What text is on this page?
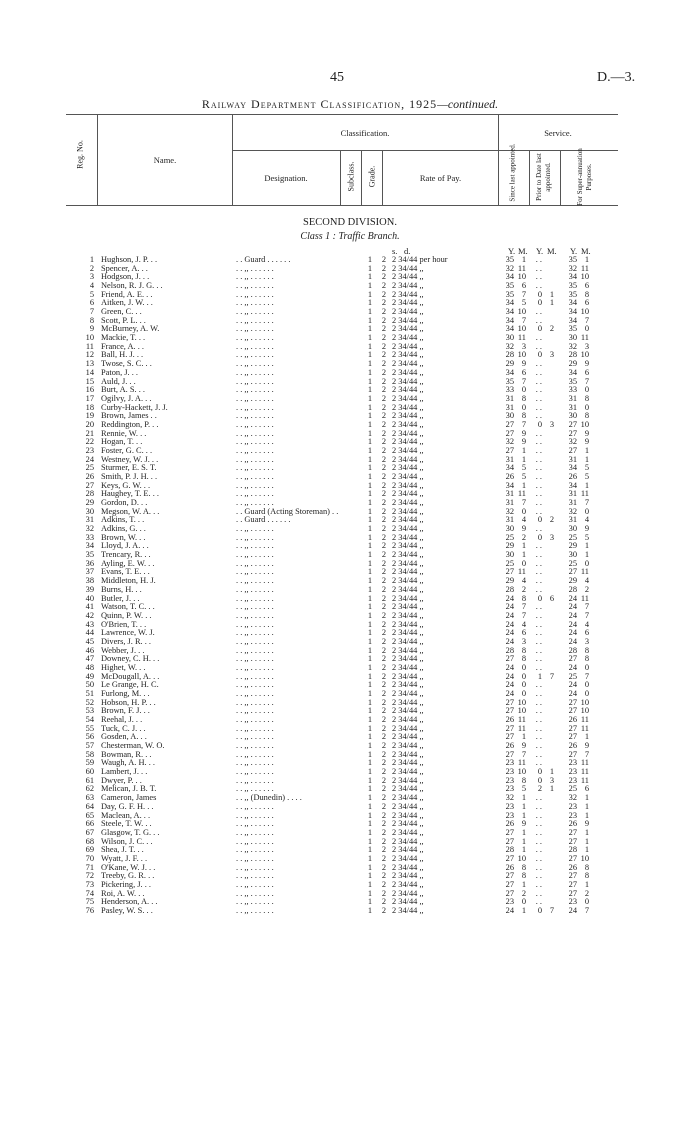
45	D.—3.
Railway Department Classification, 1925—continued.
Reg. No.	Name.
Classification.	Service.
Designation.	Subclass. Grade.	Rate of Pay.	Since last appointed.	Prior to Date last appointed.	For Super-annuation Purposes.
SECOND DIVISION.
Class 1 : Traffic Branch.
s. d.	Y. M. Y. M. Y. M.
1 Hughson, J. P. . .	. . Guard . . . . . .	1	2 2 34/44 per hour	35 1	. .	35 1
2 Spencer, A. . .	. . ,, . . . . . .	1	2 2 34/44 ,,	32 11	. .	32 11
3 Hodgson, J. . .	. . ,, . . . . . .	1	2 2 34/44 ,,	34 10	. .	34 10
4 Nelson, R. J. G. . .	. . ,, . . . . . .	1	2 2 34/44 ,,	35 6	. .	35 6
5 Friend, A. E. . .	. . ,, . . . . . .	1	2 2 34/44 ,,	35 7	0 1	35 8
6 Aitken, J. W. . .	. . ,, . . . . . .	1	2 2 34/44 ,,	34 5	0 1	34 6
7 Green, C. . .	. . ,, . . . . . .	1	2 2 34/44 ,,	34 10	. .	34 10
8 Scott, P. L. . .	. . ,, . . . . . .	1	2 2 34/44 ,,	34 7	. .	34 7
9 McBurney, A. W.	. . ,, . . . . . .	1	2 2 34/44 ,,	34 10	0 2	35 0
10 Mackie, T. . .	. . ,, . . . . . .	1	2 2 34/44 ,,	30 11	. .	30 11
11 France, A. . .	. . ,, . . . . . .	1	2 2 34/44 ,,	32 3	. .	32 3
12 Ball, H. J. . .	. . ,, . . . . . .	1	2 2 34/44 ,,	28 10	0 3	28 10
13 Twose, S. C. . .	. . ,, . . . . . .	1	2 2 34/44 ,,	29 9	. .	29 9
14 Paton, J. . .	. . ,, . . . . . .	1	2 2 34/44 ,,	34 6	. .	34 6
15 Auld, J. . .	. . ,, . . . . . .	1	2 2 34/44 ,,	35 7	. .	35 7
16 Burt, A. S. . .	. . ,, . . . . . .	1	2 2 34/44 ,,	33 0	. .	33 0
17 Ogilvy, J. A. . .	. . ,, . . . . . .	1	2 2 34/44 ,,	31 8	. .	31 8
18 Curby-Hackett, J. J.	. . ,, . . . . . .	1	2 2 34/44 ,,	31 0	. .	31 0
19 Brown, James . .	. . ,, . . . . . .	1	2 2 34/44 ,,	30 8	. .	30 8
20 Reddington, P. . .	. . ,, . . . . . .	1	2 2 34/44 ,,	27 7	0 3	27 10
21 Rennie, W. . .	. . ,, . . . . . .	1	2 2 34/44 ,,	27 9	. .	27 9
22 Hogan, T. . .	. . ,, . . . . . .	1	2 2 34/44 ,,	32 9	. .	32 9
23 Foster, G. C. . .	. . ,, . . . . . .	1	2 2 34/44 ,,	27 1	. .	27 1
24 Westney, W. J. . .	. . ,, . . . . . .	1	2 2 34/44 ,,	31 1	. .	31 1
25 Sturmer, E. S. T.	. . ,, . . . . . .	1	2 2 34/44 ,,	34 5	. .	34 5
26 Smith, P. J. H. . .	. . ,, . . . . . .	1	2 2 34/44 ,,	26 5	. .	26 5
27 Keys, G. W. . .	. . ,, . . . . . .	1	2 2 34/44 ,,	34 1	. .	34 1
28 Haughey, T. E. . .	. . ,, . . . . . .	1	2 2 34/44 ,,	31 11	. .	31 11
29 Gordon, D. . .	. . ,, . . . . . .	1	2 2 34/44 ,,	31 7	. .	31 7
30 Megson, W. A. . .	. . Guard (Acting Storeman) . .	1	2 2 34/44 ,,	32 0	. .	32 0
31 Adkins, T. . .	. . Guard . . . . . .	1	2 2 34/44 ,,	31 4	0 2	31 4
32 Adkins, G. . .	. . ,, . . . . . .	1	2 2 34/44 ,,	30 9	. .	30 9
33 Brown, W. . .	. . ,, . . . . . .	1	2 2 34/44 ,,	25 2	0 3	25 5
34 Lloyd, J. A. . .	. . ,, . . . . . .	1	2 2 34/44 ,,	29 1	. .	29 1
35 Trencary, R. . .	. . ,, . . . . . .	1	2 2 34/44 ,,	30 1	. .	30 1
36 Ayling, E. W. . .	. . ,, . . . . . .	1	2 2 34/44 ,,	25 0	. .	25 0
37 Evans, T. E. . .	. . ,, . . . . . .	1	2 2 34/44 ,,	27 11	. .	27 11
38 Middleton, H. J.	. . ,, . . . . . .	1	2 2 34/44 ,,	29 4	. .	29 4
39 Burns, H. . .	. . ,, . . . . . .	1	2 2 34/44 ,,	28 2	. .	28 2
40 Butler, J. . .	. . ,, . . . . . .	1	2 2 34/44 ,,	24 8	0 6	24 11
41 Watson, T. C. . .	. . ,, . . . . . .	1	2 2 34/44 ,,	24 7	. .	24 7
42 Quinn, P. W. . .	. . ,, . . . . . .	1	2 2 34/44 ,,	24 7	. .	24 7
43 O'Brien, T. . .	. . ,, . . . . . .	1	2 2 34/44 ,,	24 4	. .	24 4
44 Lawrence, W. J.	. . ,, . . . . . .	1	2 2 34/44 ,,	24 6	. .	24 6
45 Divers, J. R. . .	. . ,, . . . . . .	1	2 2 34/44 ,,	24 3	. .	24 3
46 Webber, J. . .	. . ,, . . . . . .	1	2 2 34/44 ,,	28 8	. .	28 8
47 Downey, C. H. . .	. . ,, . . . . . .	1	2 2 34/44 ,,	27 8	. .	27 8
48 Highet, W. . .	. . ,, . . . . . .	1	2 2 34/44 ,,	24 0	. .	24 0
49 McDougall, A. . .	. . ,, . . . . . .	1	2 2 34/44 ,,	24 0	1 7	25 7
50 Le Grange, H. C.	. . ,, . . . . . .	1	2 2 34/44 ,,	24 0	. .	24 0
51 Furlong, M. . .	. . ,, . . . . . .	1	2 2 34/44 ,,	24 0	. .	24 0
52 Hobson, H. P. . .	. . ,, . . . . . .	1	2 2 34/44 ,,	27 10	. .	27 10
53 Brown, F. J. . .	. . ,, . . . . . .	1	2 2 34/44 ,,	27 10	. .	27 10
54 Reehal, J. . .	. . ,, . . . . . .	1	2 2 34/44 ,,	26 11	. .	26 11
55 Tuck, C. J. . .	. . ,, . . . . . .	1	2 2 34/44 ,,	27 11	. .	27 11
56 Gosden, A. . .	. . ,, . . . . . .	1	2 2 34/44 ,,	27 1	. .	27 1
57 Chesterman, W. O.	. . ,, . . . . . .	1	2 2 34/44 ,,	26 9	. .	26 9
58 Bowman, R. . .	. . ,, . . . . . .	1	2 2 34/44 ,,	27 7	. .	27 7
59 Waugh, A. H. . .	. . ,, . . . . . .	1	2 2 34/44 ,,	23 11	. .	23 11
60 Lambert, J. . .	. . ,, . . . . . .	1	2 2 34/44 ,,	23 10	0 1	23 11
61 Dwyer, P. . .	. . ,, . . . . . .	1	2 2 34/44 ,,	23 8	0 3	23 11
62 Melican, J. B. T.	. . ,, . . . . . .	1	2 2 34/44 ,,	23 5	2 1	25 6
63 Cameron, James	. . ,, (Dunedin) . . . .	1	2 2 34/44 ,,	32 1	. .	32 1
64 Day, G. F. H. . .	. . ,, . . . . . .	1	2 2 34/44 ,,	23 1	. .	23 1
65 Maclean, A. . .	. . ,, . . . . . .	1	2 2 34/44 ,,	23 1	. .	23 1
66 Steele, T. W. . .	. . ,, . . . . . .	1	2 2 34/44 ,,	26 9	. .	26 9
67 Glasgow, T. G. . .	. . ,, . . . . . .	1	2 2 34/44 ,,	27 1	. .	27 1
68 Wilson, J. C. . .	. . ,, . . . . . .	1	2 2 34/44 ,,	27 1	. .	27 1
69 Shea, J. T. . .	. . ,, . . . . . .	1	2 2 34/44 ,,	28 1	. .	28 1
70 Wyatt, J. F. . .	. . ,, . . . . . .	1	2 2 34/44 ,,	27 10	. .	27 10
71 O'Kane, W. J. . .	. . ,, . . . . . .	1	2 2 34/44 ,,	26 8	. .	26 8
72 Treeby, G. R. . .	. . ,, . . . . . .	1	2 2 34/44 ,,	27 8	. .	27 8
73 Pickering, J. . .	. . ,, . . . . . .	1	2 2 34/44 ,,	27 1	. .	27 1
74 Roi, A. W. . .	. . ,, . . . . . .	1	2 2 34/44 ,,	27 2	. .	27 2
75 Henderson, A. . .	. . ,, . . . . . .	1	2 2 34/44 ,,	23 0	. .	23 0
76 Pasley, W. S. . .	. . ,, . . . . . .	1	2 2 34/44 ,,	24 1	0 7	24 7
